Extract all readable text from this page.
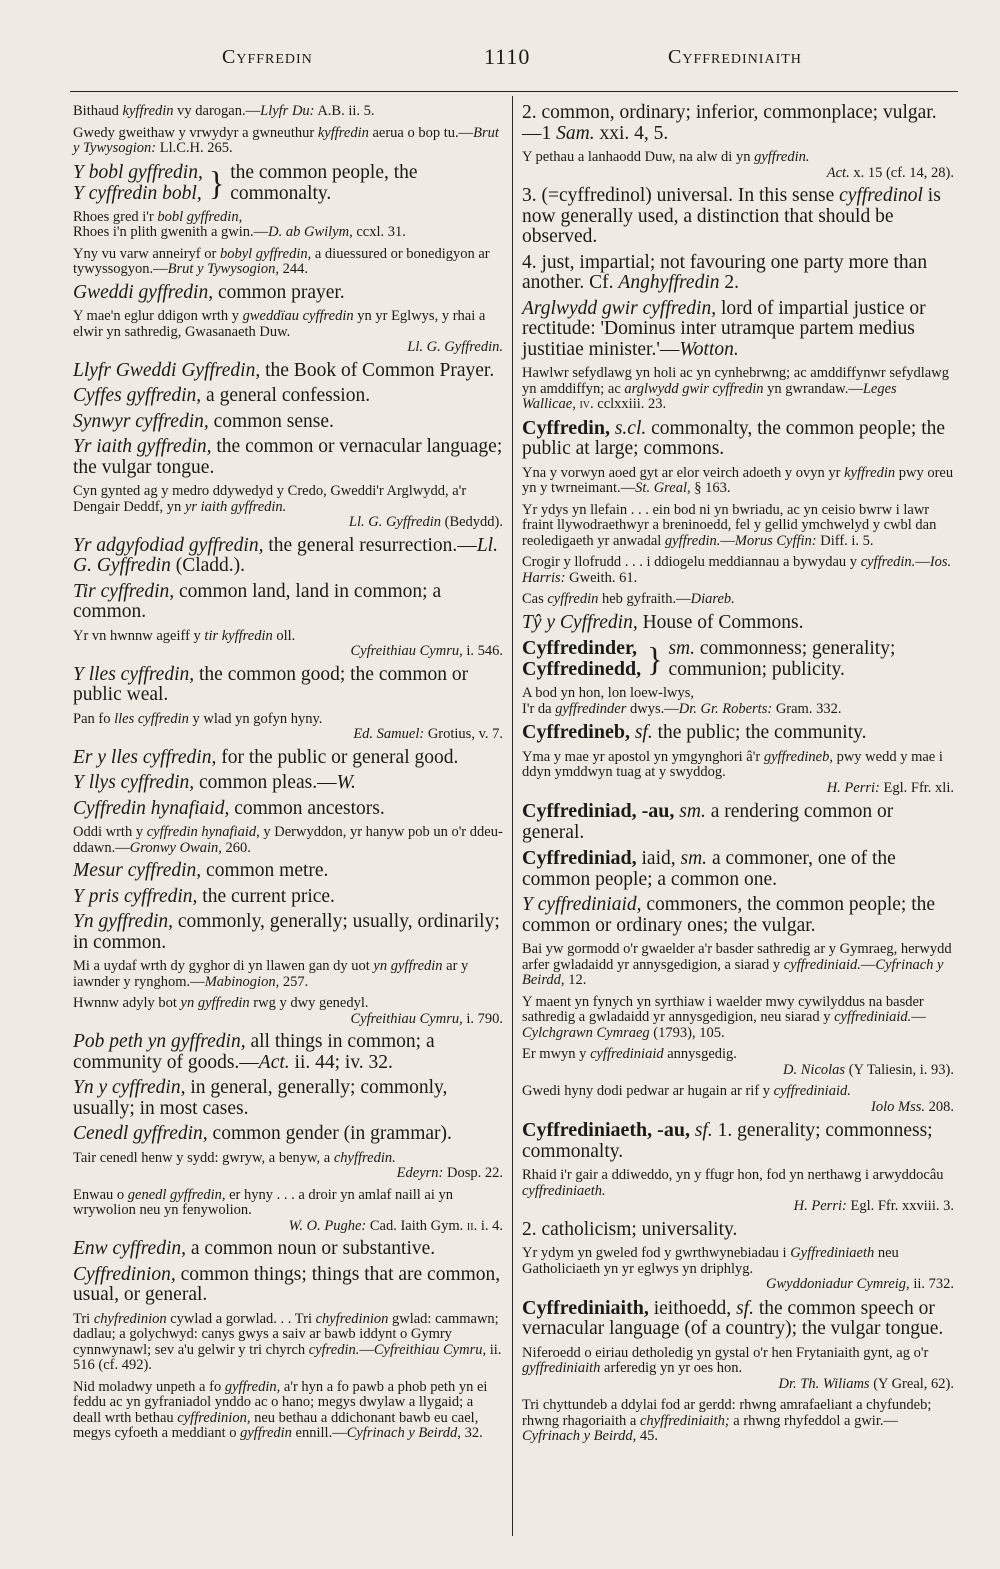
Cyffredin	1110	Cyffrediniaith

Bithaud kyffredin vy darogan.—Llyfr Du: A.B. ii. 5.

Gwedy gweithaw y vrwydyr a gwneuthur kyffredin aerua o bop tu.—Brut y Tywysogion: Ll.C.H. 265.

Y bobl gyffredin,
Y cyffredin bobl, } the common people, the commonalty.

Rhoes gred i'r bobl gyffredin,
Rhoes i'n plith gwenith a gwin.—D. ab Gwilym, ccxl. 31.

Yny vu varw anneiryf or bobyl gyffredin, a diuessured or bonedigyon ar tywyssogyon.—Brut y Tywysogion, 244.

Gweddi gyffredin, common prayer.

Y mae'n eglur ddigon wrth y gweddïau cyffredin yn yr Eglwys, y rhai a elwir yn sathredig, Gwasanaeth Duw.
Ll. G. Gyffredin.

Llyfr Gweddi Gyffredin, the Book of Common Prayer.

Cyffes gyffredin, a general confession.

Synwyr cyffredin, common sense.

Yr iaith gyffredin, the common or vernacular language; the vulgar tongue.

Cyn gynted ag y medro ddywedyd y Credo, Gweddi'r Arglwydd, a'r Dengair Deddf, yn yr iaith gyffredin.
Ll. G. Gyffredin (Bedydd).

Yr adgyfodiad gyffredin, the general resurrection.—Ll. G. Gyffredin (Cladd.).

Tir cyffredin, common land, land in common; a common.

Yr vn hwnnw ageiff y tir kyffredin oll.
Cyfreithiau Cymru, i. 546.

Y lles cyffredin, the common good; the common or public weal.

Pan fo lles cyffredin y wlad yn gofyn hyny.
Ed. Samuel: Grotius, v. 7.

Er y lles cyffredin, for the public or general good.

Y llys cyffredin, common pleas.—W.

Cyffredin hynafiaid, common ancestors.

Oddi wrth y cyffredin hynafiaid, y Derwyddon, yr hanyw pob un o'r ddeu-ddawn.—Gronwy Owain, 260.

Mesur cyffredin, common metre.

Y pris cyffredin, the current price.

Yn gyffredin, commonly, generally; usually, ordinarily; in common.

Mi a uydaf wrth dy gyghor di yn llawen gan dy uot yn gyffredin ar y iawnder y rynghom.—Mabinogion, 257.

Hwnnw adyly bot yn gyffredin rwg y dwy genedyl.
Cyfreithiau Cymru, i. 790.

Pob peth yn gyffredin, all things in common; a community of goods.—Act. ii. 44; iv. 32.

Yn y cyffredin, in general, generally; commonly, usually; in most cases.

Cenedl gyffredin, common gender (in grammar).

Tair cenedl henw y sydd: gwryw, a benyw, a chyffredin.
Edeyrn: Dosp. 22.

Enwau o genedl gyffredin, er hyny . . . a droir yn amlaf naill ai yn wrywolion neu yn fenywolion.
W. O. Pughe: Cad. Iaith Gym. ii. i. 4.

Enw cyffredin, a common noun or substantive.

Cyffredinion, common things; things that are common, usual, or general.

Tri chyfredinion cywlad a gorwlad. . . Tri chyfredinion gwlad: cammawn; dadlau; a golychwyd: canys gwys a saiv ar bawb iddynt o Gymry cynnwynawl; sev a'u gelwir y tri chyrch cyfredin.—Cyfreithiau Cymru, ii. 516 (cf. 492).

Nid moladwy unpeth a fo gyffredin, a'r hyn a fo pawb a phob peth yn ei feddu ac yn gyfraniadol ynddo ac o hano; megys dwylaw a llygaid; a deall wrth bethau cyffredinion, neu bethau a ddichonant bawb eu cael, megys cyfoeth a meddiant o gyffredin ennill.—Cyfrinach y Beirdd, 32.

2. common, ordinary; inferior, commonplace; vulgar.—1 Sam. xxi. 4, 5.

Y pethau a lanhaodd Duw, na alw di yn gyffredin.
Act. x. 15 (cf. 14, 28).

3. (=cyffredinol) universal. In this sense cyffredinol is now generally used, a distinction that should be observed.

4. just, impartial; not favouring one party more than another. Cf. Anghyffredin 2.

Arglwydd gwir cyffredin, lord of impartial justice or rectitude: 'Dominus inter utramque partem medius justitiae minister.'—Wotton.

Hawlwr sefydlawg yn holi ac yn cynhebrwng; ac amddiffynwr sefydlawg yn amddiffyn; ac arglwydd gwir cyffredin yn gwrandaw.—Leges Wallicae, iv. cclxxiii. 23.

Cyffredin, s.cl. commonalty, the common people; the public at large; commons.

Yna y vorwyn aoed gyt ar elor veirch adoeth y ovyn yr kyffredin pwy oreu yn y twrneimant.—St. Greal, § 163.

Yr ydys yn llefain . . . ein bod ni yn bwriadu, ac yn ceisio bwrw i lawr fraint llywodraethwyr a breninoedd, fel y gellid ymchwelyd y cwbl dan reoledigaeth yr anwadal gyffredin.—Morus Cyffin: Diff. i. 5.

Crogir y llofrudd . . . i ddiogelu meddiannau a bywydau y cyffredin.—Ios. Harris: Gweith. 61.

Cas cyffredin heb gyfraith.—Diareb.

Tŷ y Cyffredin, House of Commons.

Cyffredinder,
Cyffredinedd, } sm. commonness; generality; communion; publicity.

A bod yn hon, lon loew-lwys,
I'r da gyffredinder dwys.—Dr. Gr. Roberts: Gram. 332.

Cyffredineb, sf. the public; the community.

Yma y mae yr apostol yn ymgynghori â'r gyffredineb, pwy wedd y mae i ddyn ymddwyn tuag at y swyddog.
H. Perri: Egl. Ffr. xli.

Cyffrediniad, -au, sm. a rendering common or general.

Cyffrediniad, iaid, sm. a commoner, one of the common people; a common one.

Y cyffrediniaid, commoners, the common people; the common or ordinary ones; the vulgar.

Bai yw gormodd o'r gwaelder a'r basder sathredig ar y Gymraeg, herwydd arfer gwladaidd yr annysgedigion, a siarad y cyffrediniaid.—Cyfrinach y Beirdd, 12.

Y maent yn fynych yn syrthiaw i waelder mwy cywilyddus na basder sathredig a gwladaidd yr annysgedigion, neu siarad y cyffrediniaid.—Cylchgrawn Cymraeg (1793), 105.

Er mwyn y cyffrediniaid annysgedig.
D. Nicolas (Y Taliesin, i. 93).

Gwedi hyny dodi pedwar ar hugain ar rif y cyffrediniaid.
Iolo Mss. 208.

Cyffrediniaeth, -au, sf. 1. generality; commonness; commonalty.

Rhaid i'r gair a ddiweddo, yn y ffugr hon, fod yn nerthawg i arwyddocâu cyffrediniaeth.
H. Perri: Egl. Ffr. xxviii. 3.

2. catholicism; universality.

Yr ydym yn gweled fod y gwrthwynebiadau i Gyffrediniaeth neu Gatholiciaeth yn yr eglwys yn driphlyg.
Gwyddoniadur Cymreig, ii. 732.

Cyffrediniaith, ieithoedd, sf. the common speech or vernacular language (of a country); the vulgar tongue.

Niferoedd o eiriau detholedig yn gystal o'r hen Frytaniaith gynt, ag o'r gyffrediniaith arferedig yn yr oes hon.
Dr. Th. Wiliams (Y Greal, 62).

Tri chyttundeb a ddylai fod ar gerdd: rhwng amrafaeliant a chyfundeb; rhwng rhagoriaith a chyffrediniaith; a rhwng rhyfeddol a gwir.—Cyfrinach y Beirdd, 45.
